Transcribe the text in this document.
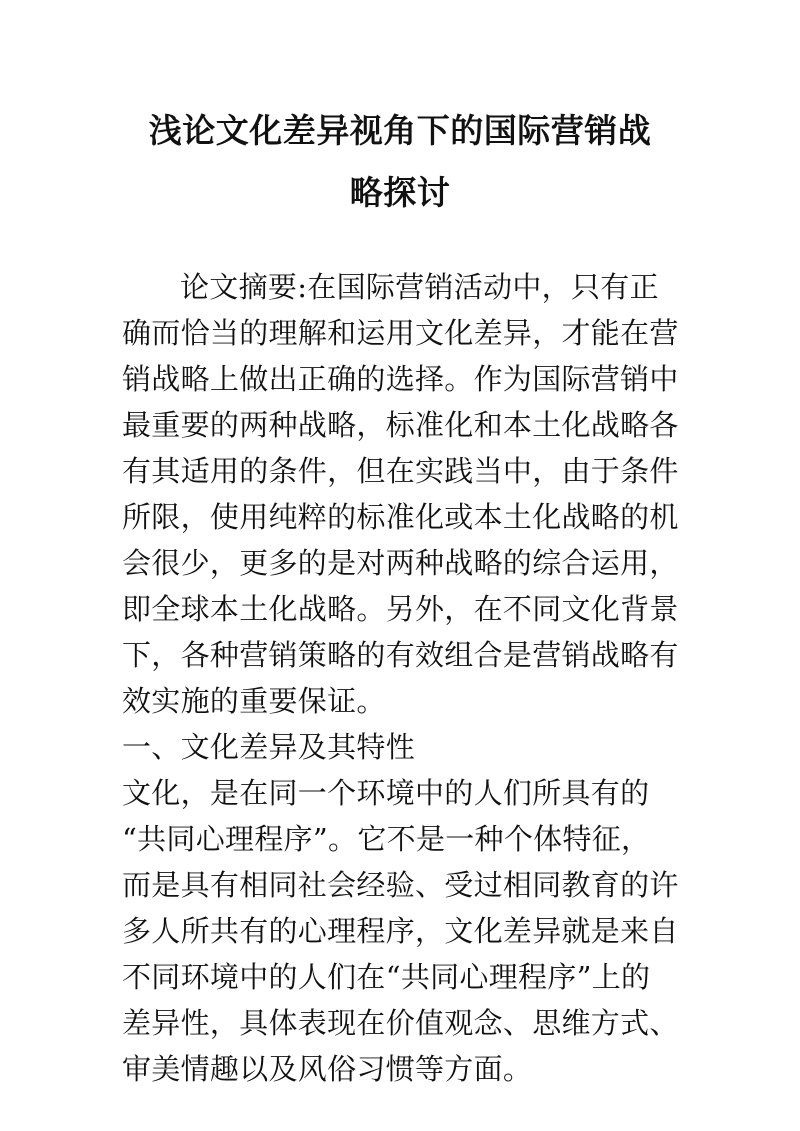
浅论文化差异视角下的国际营销战
略探讨
论文摘要:在国际营销活动中，只有正
确而恰当的理解和运用文化差异，才能在营
销战略上做出正确的选择。作为国际营销中
最重要的两种战略，标准化和本土化战略各
有其适用的条件，但在实践当中，由于条件
所限，使用纯粹的标准化或本土化战略的机
会很少，更多的是对两种战略的综合运用，
即全球本土化战略。另外，在不同文化背景
下，各种营销策略的有效组合是营销战略有
效实施的重要保证。
一、文化差异及其特性
文化，是在同一个环境中的人们所具有的
“共同心理程序”。它不是一种个体特征，
而是具有相同社会经验、受过相同教育的许
多人所共有的心理程序，文化差异就是来自
不同环境中的人们在“共同心理程序”上的
差异性，具体表现在价值观念、思维方式、
审美情趣以及风俗习惯等方面。
